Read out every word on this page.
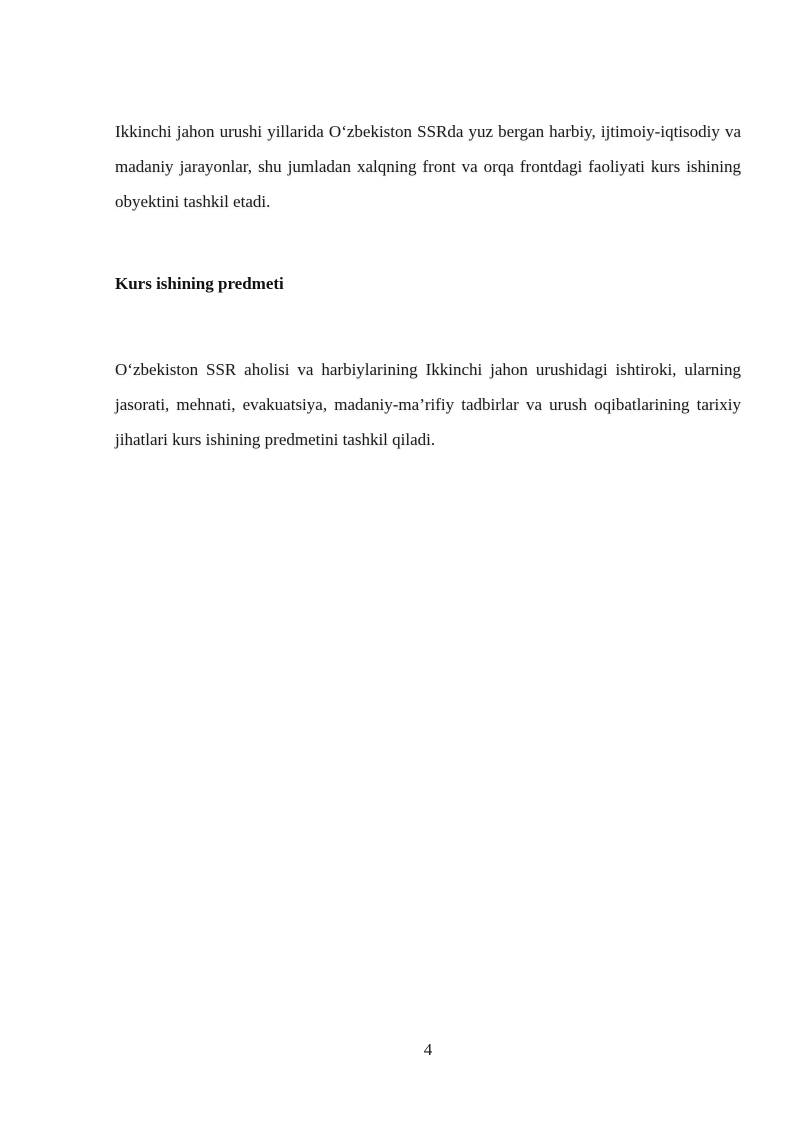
Ikkinchi jahon urushi yillarida O‘zbekiston SSRda yuz bergan harbiy, ijtimoiy-iqtisodiy va madaniy jarayonlar, shu jumladan xalqning front va orqa frontdagi faoliyati kurs ishining obyektini tashkil etadi.

Kurs ishining predmeti

O‘zbekiston SSR aholisi va harbiylarining Ikkinchi jahon urushidagi ishtiroki, ularning jasorati, mehnati, evakuatsiya, madaniy-ma’rifiy tadbirlar va urush oqibatlarining tarixiy jihatlari kurs ishining predmetini tashkil qiladi.

4
